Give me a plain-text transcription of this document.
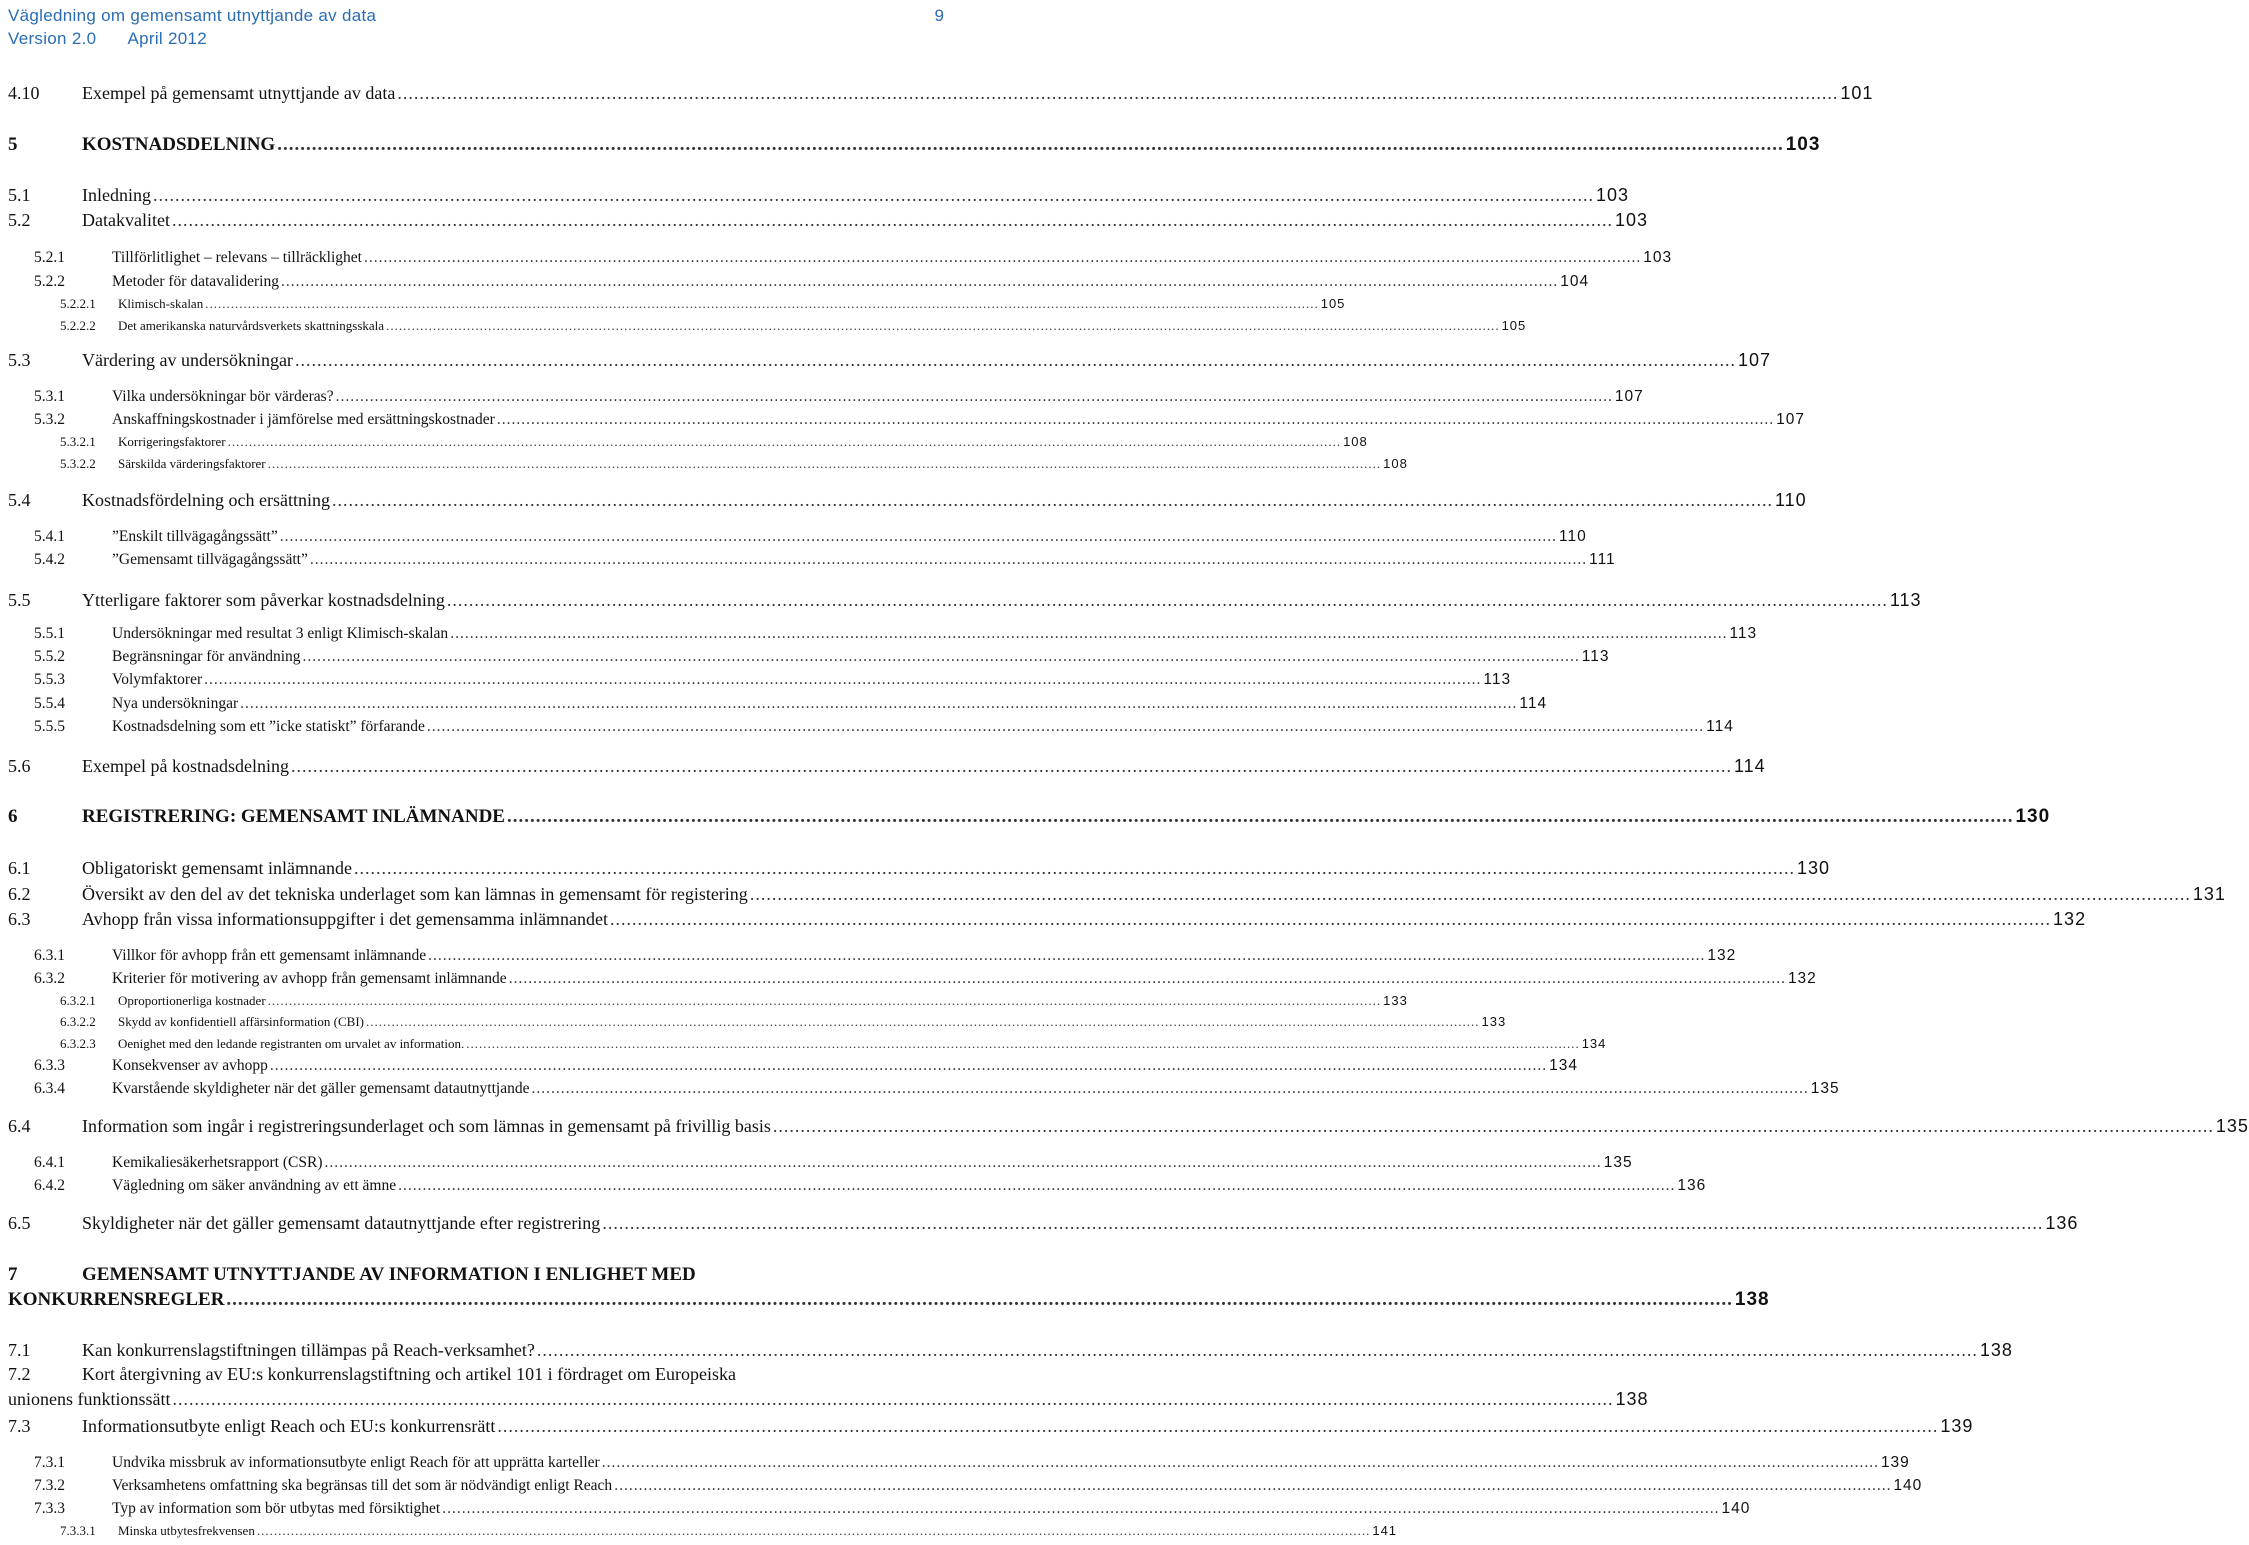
Vägledning om gemensamt utnyttjande av data
Version 2.0 April 2012
9
4.10	Exempel på gemensamt utnyttjande av data .....	101
5	KOSTNADSDELNING .....	103
5.1	Inledning .....	103
5.2	Datakvalitet .....	103
5.2.1	Tillförlitlighet – relevans – tillräcklighet .....	103
5.2.2	Metoder för datavalidering .....	104
5.2.2.1	Klimisch-skalan .....	105
5.2.2.2	Det amerikanska naturvårdsverkets skattningsskala .....	105
5.3	Värdering av undersökningar .....	107
5.3.1	Vilka undersökningar bör värderas? .....	107
5.3.2	Anskaffningskostnader i jämförelse med ersättningskostnader .....	107
5.3.2.1	Korrigeringsfaktorer .....	108
5.3.2.2	Särskilda värderingsfaktorer .....	108
5.4	Kostnadsfördelning och ersättning .....	110
5.4.1	”Enskilt tillvägagångssätt” .....	110
5.4.2	”Gemensamt tillvägagångssätt” .....	111
5.5	Ytterligare faktorer som påverkar kostnadsdelning .....	113
5.5.1	Undersökningar med resultat 3 enligt Klimisch-skalan .....	113
5.5.2	Begränsningar för användning .....	113
5.5.3	Volymfaktorer .....	113
5.5.4	Nya undersökningar .....	114
5.5.5	Kostnadsdelning som ett ”icke statiskt” förfarande .....	114
5.6	Exempel på kostnadsdelning .....	114
6	REGISTRERING: GEMENSAMT INLÄMNANDE .....	130
6.1	Obligatoriskt gemensamt inlämnande .....	130
6.2	Översikt av den del av det tekniska underlaget som kan lämnas in gemensamt för registering .....	131
6.3	Avhopp från vissa informationsuppgifter i det gemensamma inlämnandet .....	132
6.3.1	Villkor för avhopp från ett gemensamt inlämnande .....	132
6.3.2	Kriterier för motivering av avhopp från gemensamt inlämnande .....	132
6.3.2.1	Oproportionerliga kostnader .....	133
6.3.2.2	Skydd av konfidentiell affärsinformation (CBI) .....	133
6.3.2.3	Oenighet med den ledande registranten om urvalet av information. .....	134
6.3.3	Konsekvenser av avhopp .....	134
6.3.4	Kvarstående skyldigheter när det gäller gemensamt datautnyttjande .....	135
6.4	Information som ingår i registreringsunderlaget och som lämnas in gemensamt på frivillig basis .....	135
6.4.1	Kemikaliesäkerhetsrapport (CSR) .....	135
6.4.2	Vägledning om säker användning av ett ämne .....	136
6.5	Skyldigheter när det gäller gemensamt datautnyttjande efter registrering .....	136
7	GEMENSAMT UTNYTTJANDE AV INFORMATION I ENLIGHET MED
KONKURRENSREGLER .....	138
7.1	Kan konkurrenslagstiftningen tillämpas på Reach-verksamhet? .....	138
7.2	Kort återgivning av EU:s konkurrenslagstiftning och artikel 101 i fördraget om Europeiska
unionens funktionssätt .....	138
7.3	Informationsutbyte enligt Reach och EU:s konkurrensrätt .....	139
7.3.1	Undvika missbruk av informationsutbyte enligt Reach för att upprätta karteller .....	139
7.3.2	Verksamhetens omfattning ska begränsas till det som är nödvändigt enligt Reach .....	140
7.3.3	Typ av information som bör utbytas med försiktighet .....	140
7.3.3.1	Minska utbytesfrekvensen .....	141
